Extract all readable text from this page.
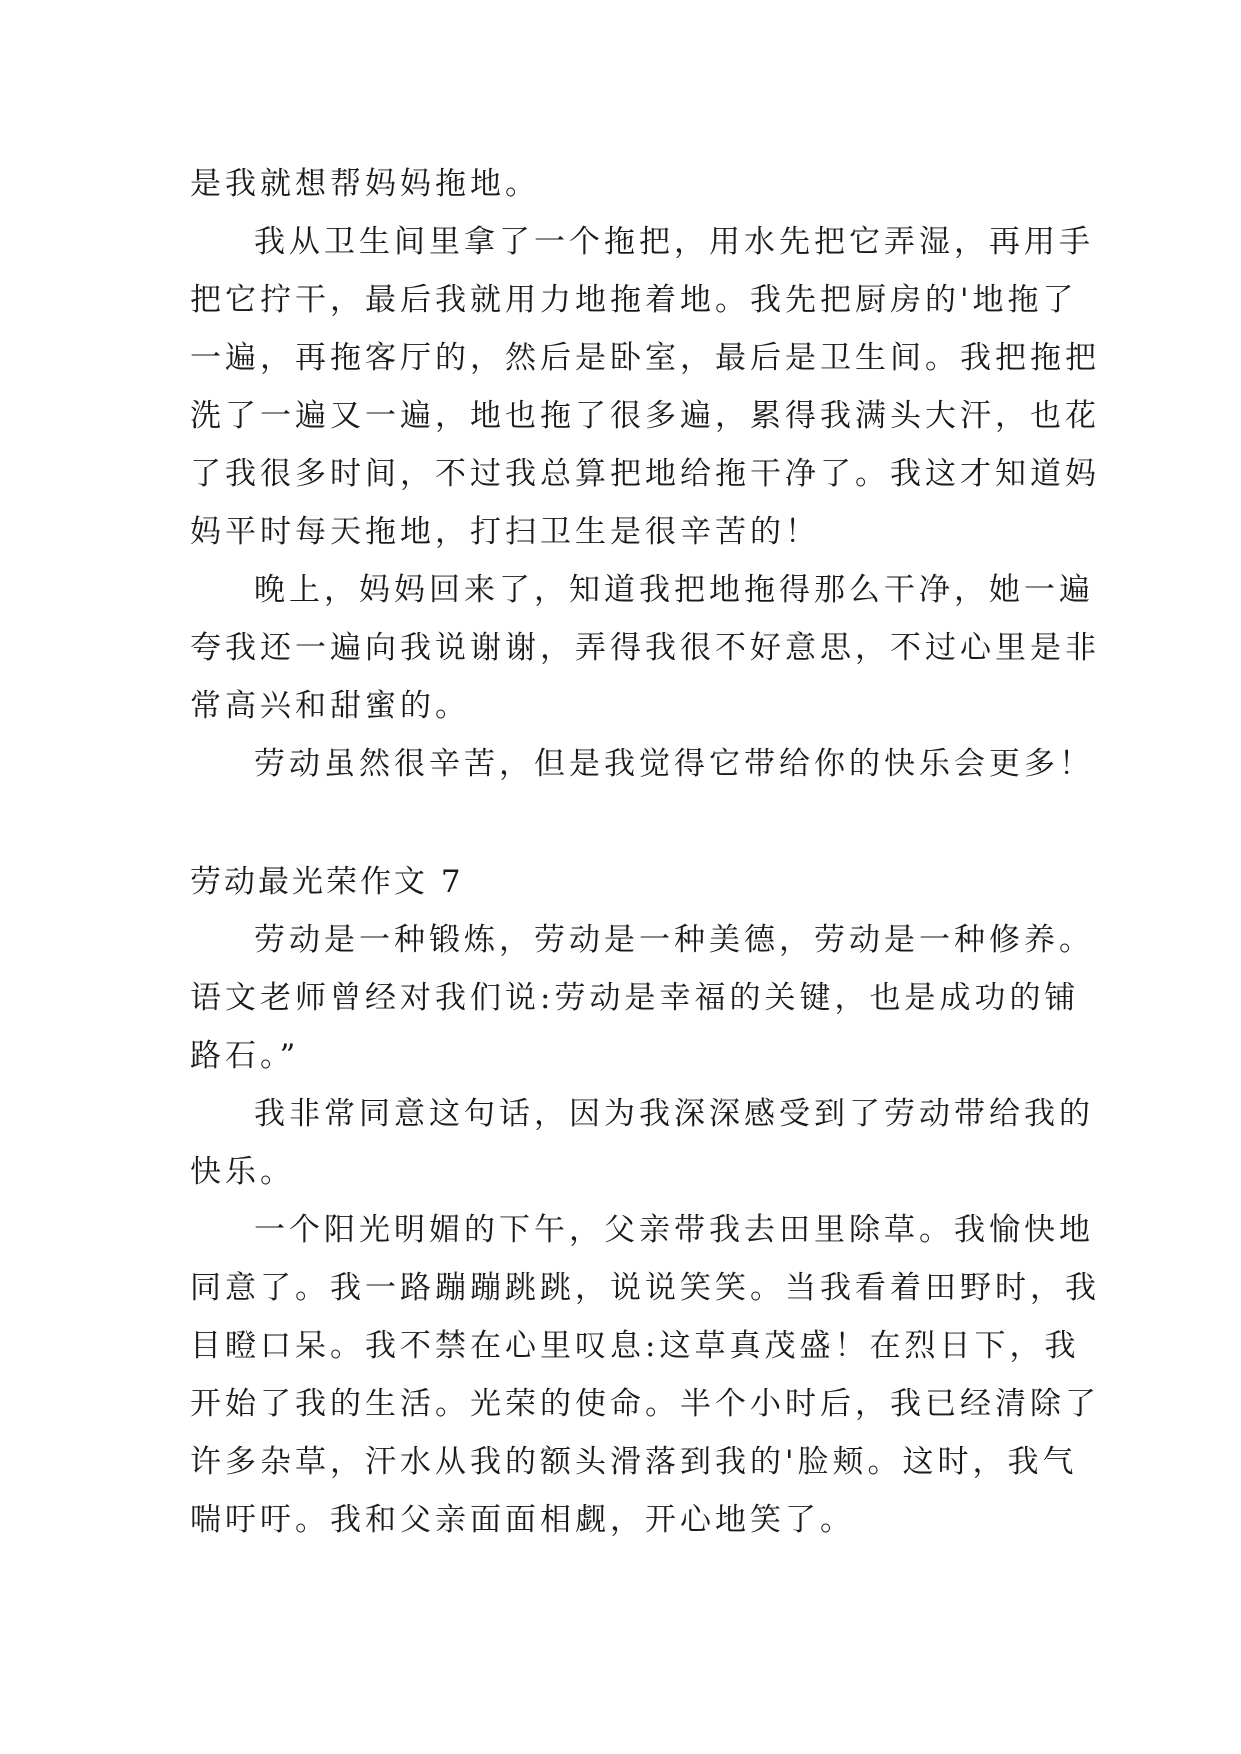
是我就想帮妈妈拖地。
我从卫生间里拿了一个拖把，用水先把它弄湿，再用手
把它拧干，最后我就用力地拖着地。我先把厨房的'地拖了
一遍，再拖客厅的，然后是卧室，最后是卫生间。我把拖把
洗了一遍又一遍，地也拖了很多遍，累得我满头大汗，也花
了我很多时间，不过我总算把地给拖干净了。我这才知道妈
妈平时每天拖地，打扫卫生是很辛苦的！
晚上，妈妈回来了，知道我把地拖得那么干净，她一遍
夸我还一遍向我说谢谢，弄得我很不好意思，不过心里是非
常高兴和甜蜜的。
劳动虽然很辛苦，但是我觉得它带给你的快乐会更多！
劳动最光荣作文 7
劳动是一种锻炼，劳动是一种美德，劳动是一种修养。
语文老师曾经对我们说:劳动是幸福的关键，也是成功的铺
路石。”
我非常同意这句话，因为我深深感受到了劳动带给我的
快乐。
一个阳光明媚的下午，父亲带我去田里除草。我愉快地
同意了。我一路蹦蹦跳跳，说说笑笑。当我看着田野时，我
目瞪口呆。我不禁在心里叹息:这草真茂盛！在烈日下，我
开始了我的生活。光荣的使命。半个小时后，我已经清除了
许多杂草，汗水从我的额头滑落到我的'脸颊。这时，我气
喘吁吁。我和父亲面面相觑，开心地笑了。
